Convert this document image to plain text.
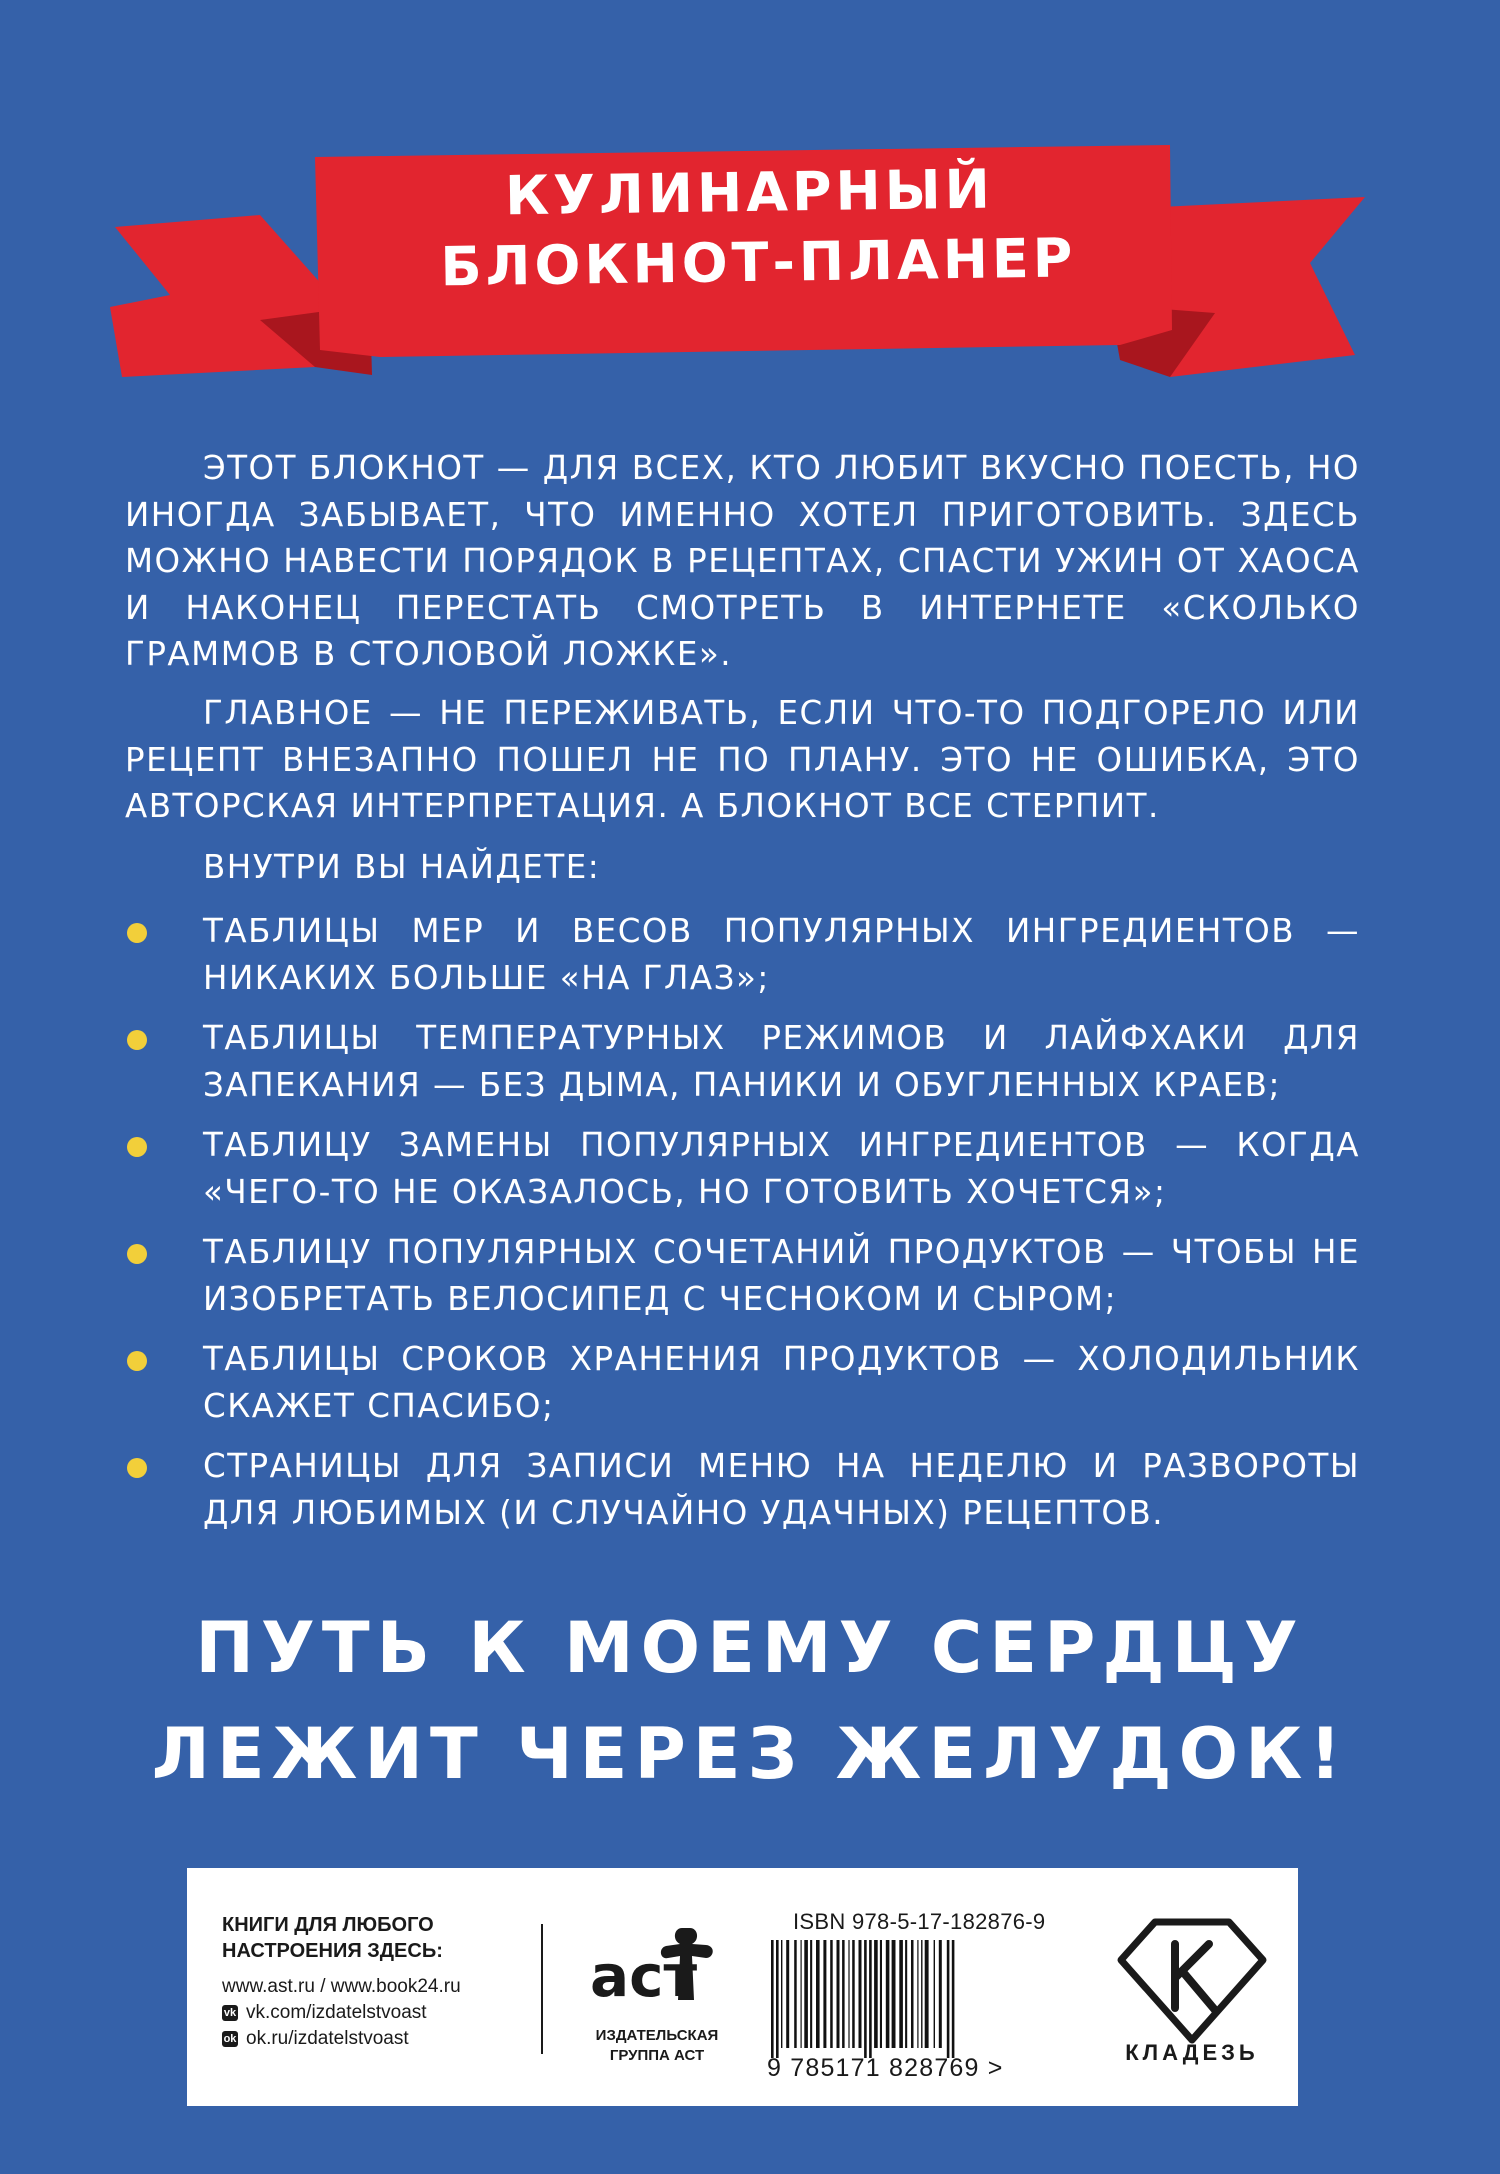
КУЛИНАРНЫЙ
БЛОКНОТ-ПЛАНЕР

ЭТОТ БЛОКНОТ — ДЛЯ ВСЕХ, КТО ЛЮБИТ ВКУСНО ПОЕСТЬ, НО ИНОГДА ЗАБЫВАЕТ, ЧТО ИМЕННО ХОТЕЛ ПРИГОТОВИТЬ. ЗДЕСЬ МОЖНО НАВЕСТИ ПОРЯДОК В РЕЦЕПТАХ, СПАСТИ УЖИН ОТ ХАОСА И НАКОНЕЦ ПЕРЕСТАТЬ СМОТРЕТЬ В ИНТЕРНЕТЕ «СКОЛЬКО ГРАММОВ В СТОЛОВОЙ ЛОЖКЕ».

ГЛАВНОЕ — НЕ ПЕРЕЖИВАТЬ, ЕСЛИ ЧТО-ТО ПОДГОРЕЛО ИЛИ РЕЦЕПТ ВНЕЗАПНО ПОШЕЛ НЕ ПО ПЛАНУ. ЭТО НЕ ОШИБКА, ЭТО АВТОРСКАЯ ИНТЕРПРЕТАЦИЯ. А БЛОКНОТ ВСЕ СТЕРПИТ.

ВНУТРИ ВЫ НАЙДЕТЕ:

ТАБЛИЦЫ МЕР И ВЕСОВ ПОПУЛЯРНЫХ ИНГРЕДИЕНТОВ — НИКАКИХ БОЛЬШЕ «НА ГЛАЗ»;
ТАБЛИЦЫ ТЕМПЕРАТУРНЫХ РЕЖИМОВ И ЛАЙФХАКИ ДЛЯ ЗАПЕКАНИЯ — БЕЗ ДЫМА, ПАНИКИ И ОБУГЛЕННЫХ КРАЕВ;
ТАБЛИЦУ ЗАМЕНЫ ПОПУЛЯРНЫХ ИНГРЕДИЕНТОВ — КОГДА «ЧЕГО-ТО НЕ ОКАЗАЛОСЬ, НО ГОТОВИТЬ ХОЧЕТСЯ»;
ТАБЛИЦУ ПОПУЛЯРНЫХ СОЧЕТАНИЙ ПРОДУКТОВ — ЧТОБЫ НЕ ИЗОБРЕТАТЬ ВЕЛОСИПЕД С ЧЕСНОКОМ И СЫРОМ;
ТАБЛИЦЫ СРОКОВ ХРАНЕНИЯ ПРОДУКТОВ — ХОЛОДИЛЬНИК СКАЖЕТ СПАСИБО;
СТРАНИЦЫ ДЛЯ ЗАПИСИ МЕНЮ НА НЕДЕЛЮ И РАЗВОРОТЫ ДЛЯ ЛЮБИМЫХ (И СЛУЧАЙНО УДАЧНЫХ) РЕЦЕПТОВ.
ПУТЬ К МОЕМУ СЕРДЦУ
ЛЕЖИТ ЧЕРЕЗ ЖЕЛУДОК!
КНИГИ ДЛЯ ЛЮБОГО
НАСТРОЕНИЯ ЗДЕСЬ:
www.ast.ru / www.book24.ru
vk vk.com/izdatelstvoast
ok ok.ru/izdatelstvoast
аст
ИЗДАТЕЛЬСКАЯ
ГРУППА АСТ
ISBN 978-5-17-182876-9
9 785171 828769 >
КЛАДЕЗЬ
